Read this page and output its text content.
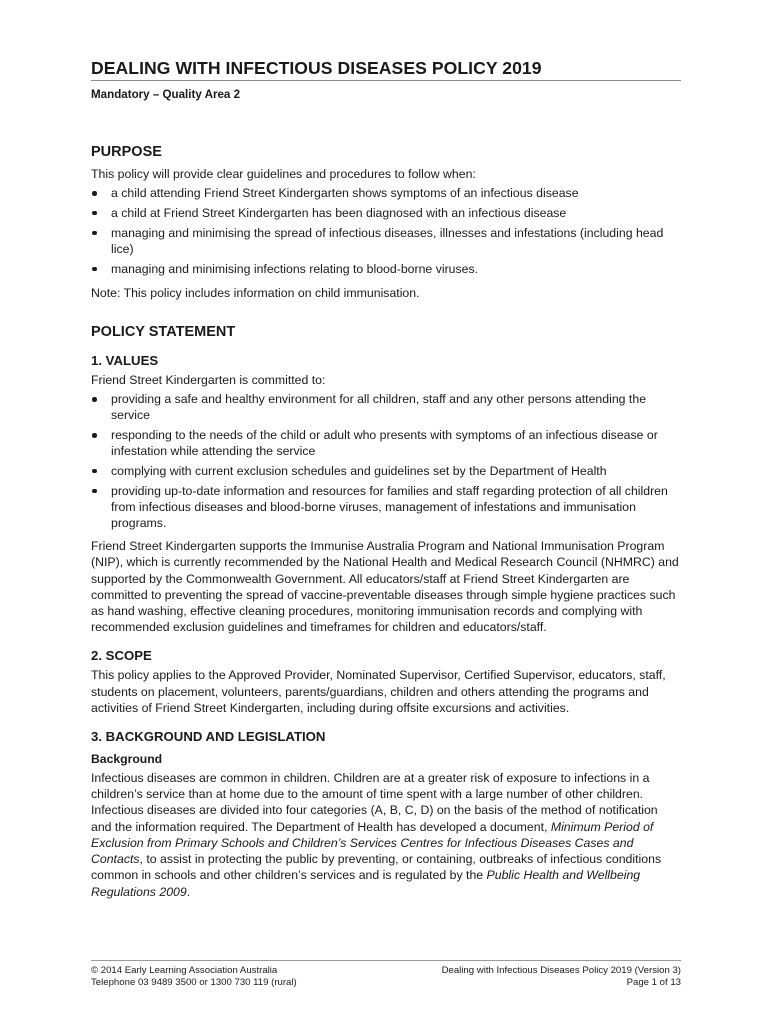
DEALING WITH INFECTIOUS DISEASES POLICY 2019

Mandatory – Quality Area 2

PURPOSE

This policy will provide clear guidelines and procedures to follow when:

a child attending Friend Street Kindergarten shows symptoms of an infectious disease
a child at Friend Street Kindergarten has been diagnosed with an infectious disease
managing and minimising the spread of infectious diseases, illnesses and infestations (including head lice)
managing and minimising infections relating to blood-borne viruses.

Note: This policy includes information on child immunisation.

POLICY STATEMENT
1. VALUES

Friend Street Kindergarten is committed to:

providing a safe and healthy environment for all children, staff and any other persons attending the service
responding to the needs of the child or adult who presents with symptoms of an infectious disease or infestation while attending the service
complying with current exclusion schedules and guidelines set by the Department of Health
providing up-to-date information and resources for families and staff regarding protection of all children from infectious diseases and blood-borne viruses, management of infestations and immunisation programs.

Friend Street Kindergarten supports the Immunise Australia Program and National Immunisation Program (NIP), which is currently recommended by the National Health and Medical Research Council (NHMRC) and supported by the Commonwealth Government. All educators/staff at Friend Street Kindergarten are committed to preventing the spread of vaccine-preventable diseases through simple hygiene practices such as hand washing, effective cleaning procedures, monitoring immunisation records and complying with recommended exclusion guidelines and timeframes for children and educators/staff.

2. SCOPE

This policy applies to the Approved Provider, Nominated Supervisor, Certified Supervisor, educators, staff, students on placement, volunteers, parents/guardians, children and others attending the programs and activities of Friend Street Kindergarten, including during offsite excursions and activities.

3. BACKGROUND AND LEGISLATION
Background

Infectious diseases are common in children. Children are at a greater risk of exposure to infections in a children’s service than at home due to the amount of time spent with a large number of other children. Infectious diseases are divided into four categories (A, B, C, D) on the basis of the method of notification and the information required. The Department of Health has developed a document, Minimum Period of Exclusion from Primary Schools and Children’s Services Centres for Infectious Diseases Cases and Contacts, to assist in protecting the public by preventing, or containing, outbreaks of infectious conditions common in schools and other children’s services and is regulated by the Public Health and Wellbeing Regulations 2009.

© 2014 Early Learning Association Australia
Telephone 03 9489 3500 or 1300 730 119 (rural)
Dealing with Infectious Diseases Policy 2019 (Version 3)
Page 1 of 13
